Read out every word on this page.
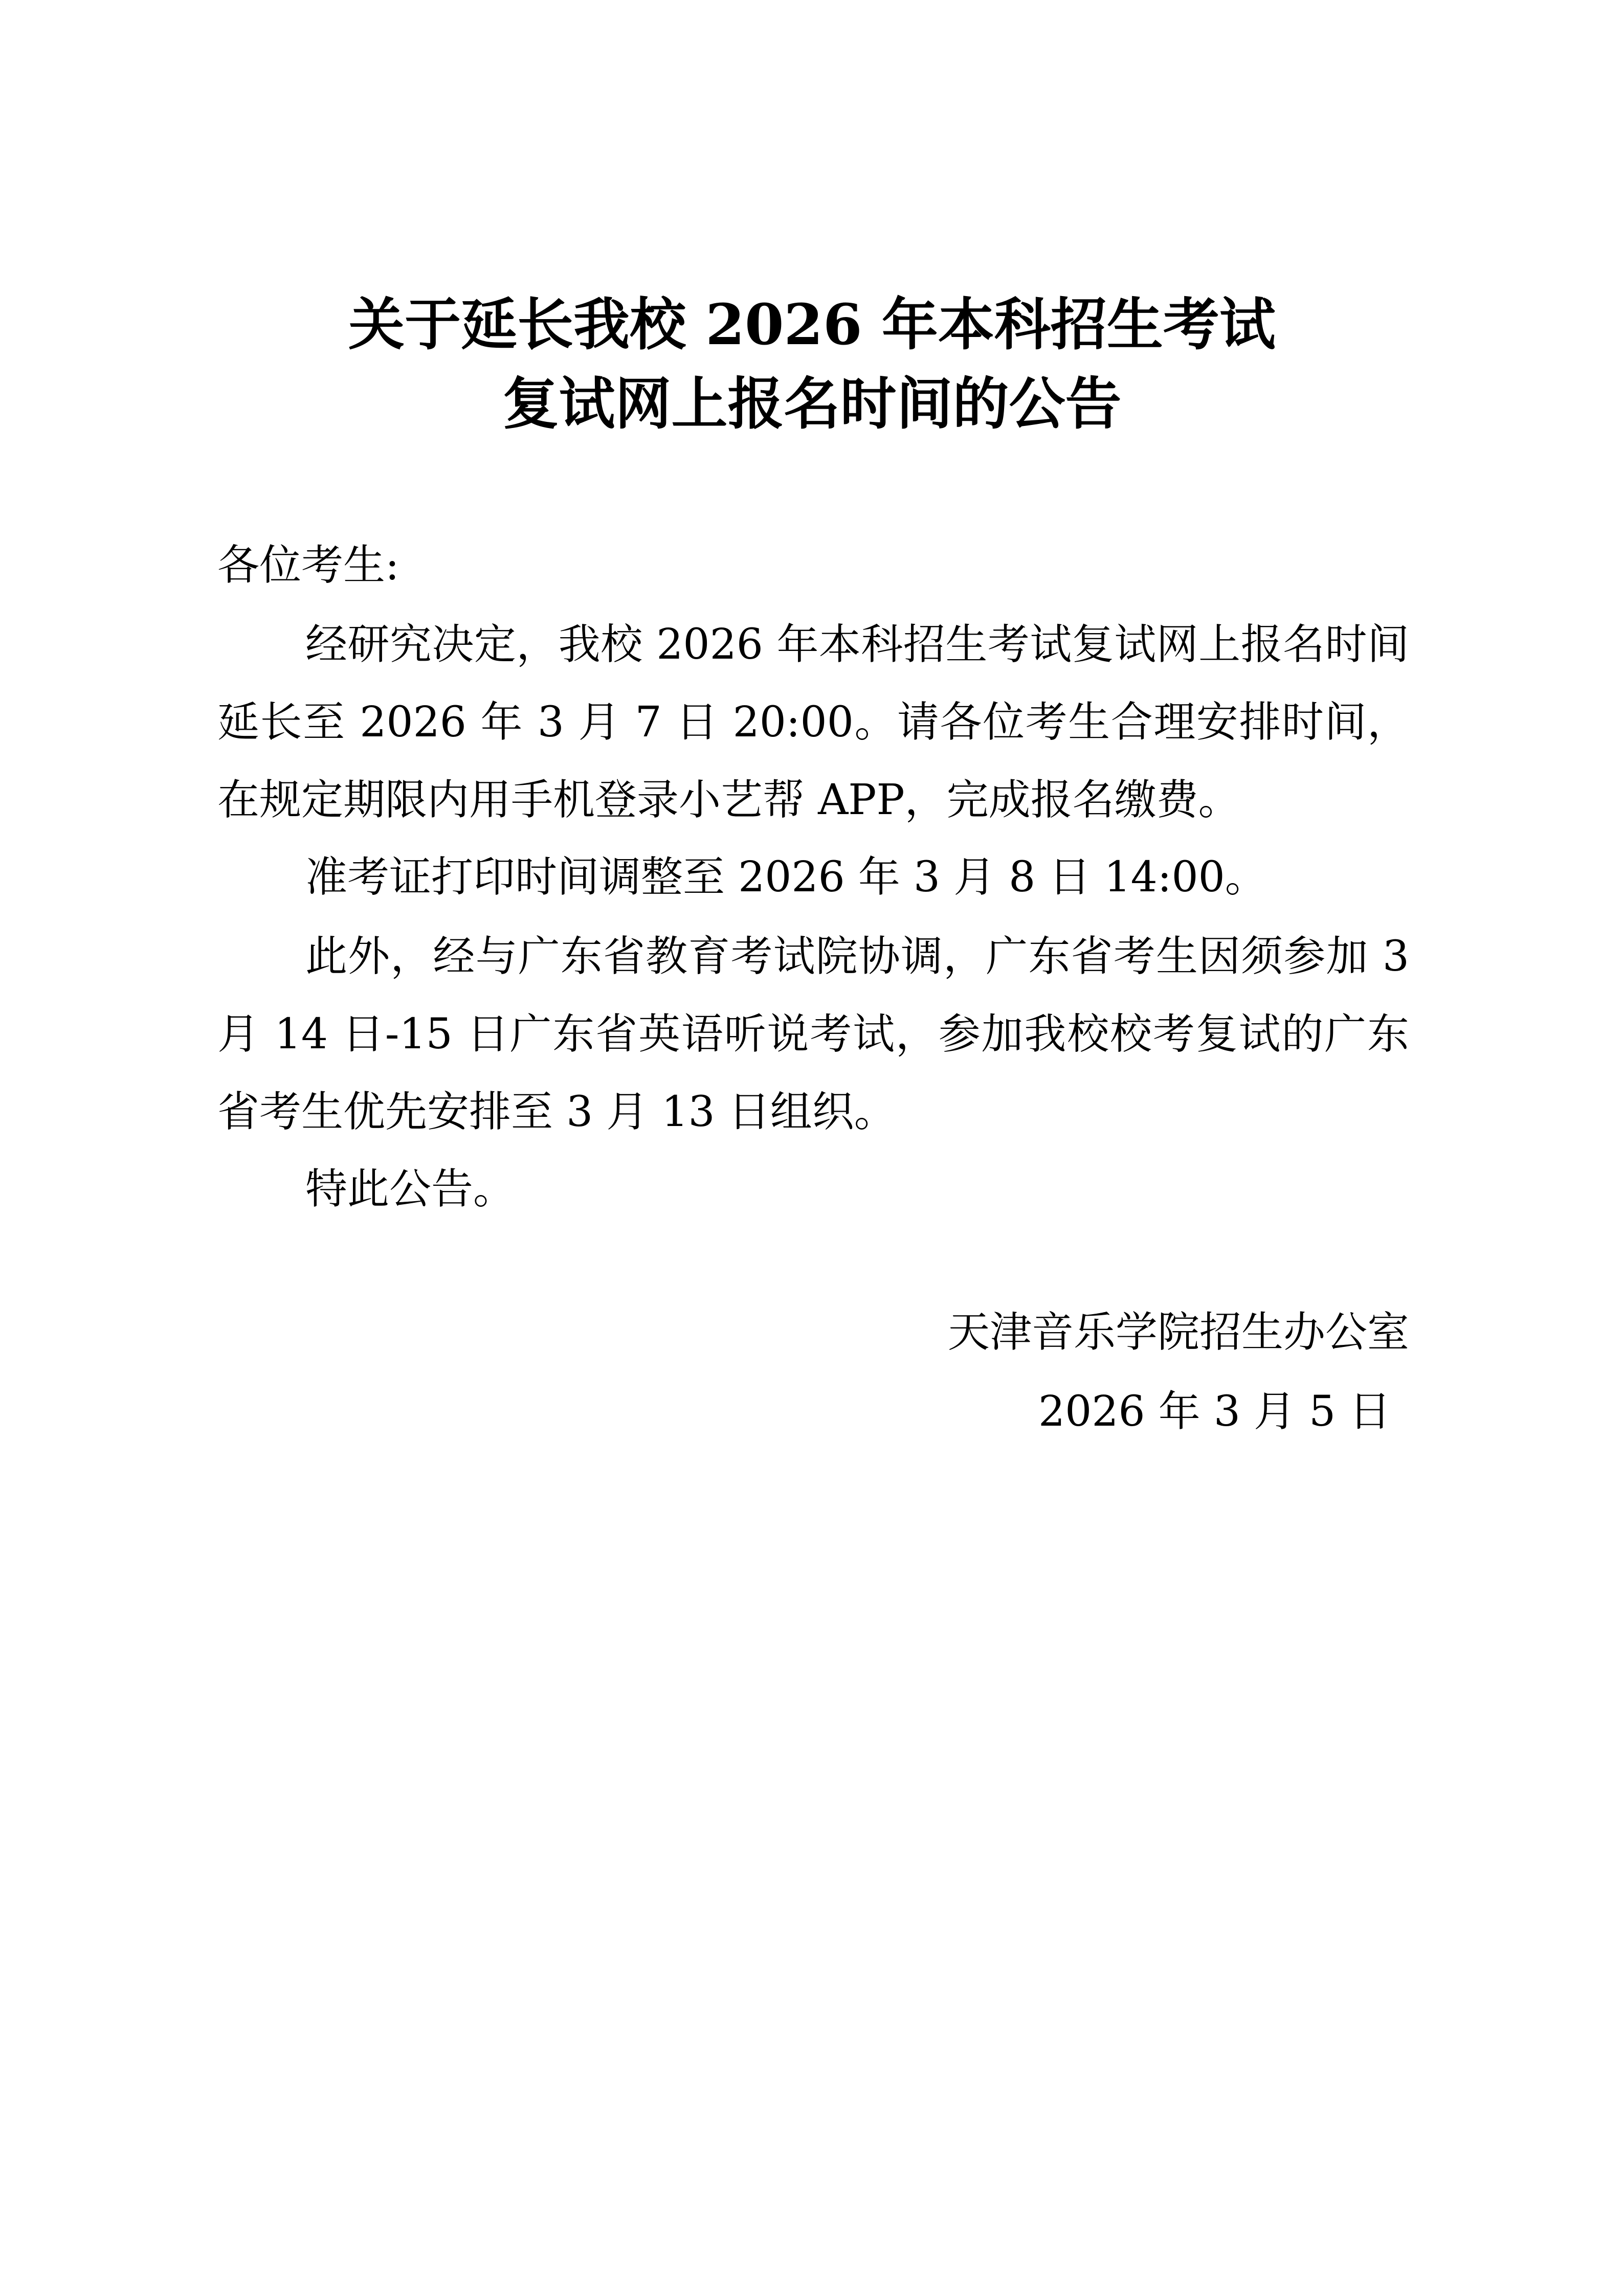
关于延长我校 2026 年本科招生考试
复试网上报名时间的公告
各位考生:
经研究决定，我校 2026 年本科招生考试复试网上报名时间延长至 2026 年 3 月 7 日 20:00。请各位考生合理安排时间，在规定期限内用手机登录小艺帮 APP，完成报名缴费。
准考证打印时间调整至 2026 年 3 月 8 日 14:00。
此外，经与广东省教育考试院协调，广东省考生因须参加 3 月 14 日-15 日广东省英语听说考试，参加我校校考复试的广东省考生优先安排至 3 月 13 日组织。
特此公告。
天津音乐学院招生办公室
2026 年 3 月 5 日
